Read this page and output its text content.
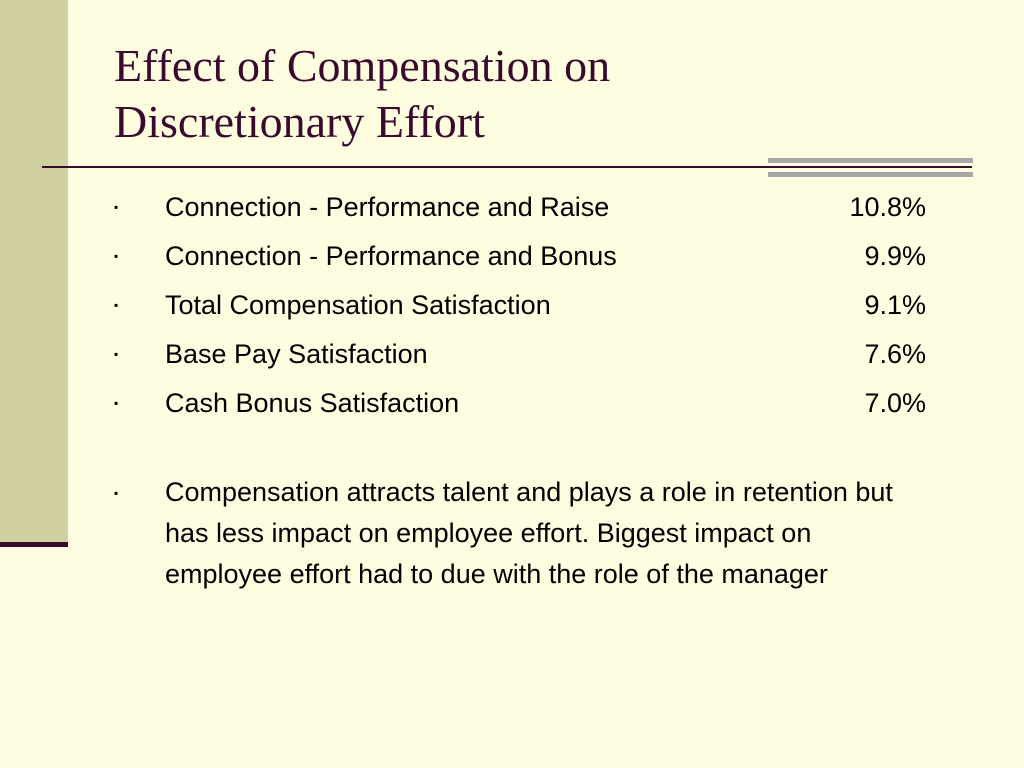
Effect of Compensation on
Discretionary Effort
▪	Connection - Performance and Raise	10.8%
▪	Connection - Performance and Bonus	9.9%
▪	Total Compensation Satisfaction	9.1%
▪	Base Pay Satisfaction	7.6%
▪	Cash Bonus Satisfaction	7.0%
▪	Compensation attracts talent and plays a role in retention but has less impact on employee effort. Biggest impact on employee effort had to due with the role of the manager
